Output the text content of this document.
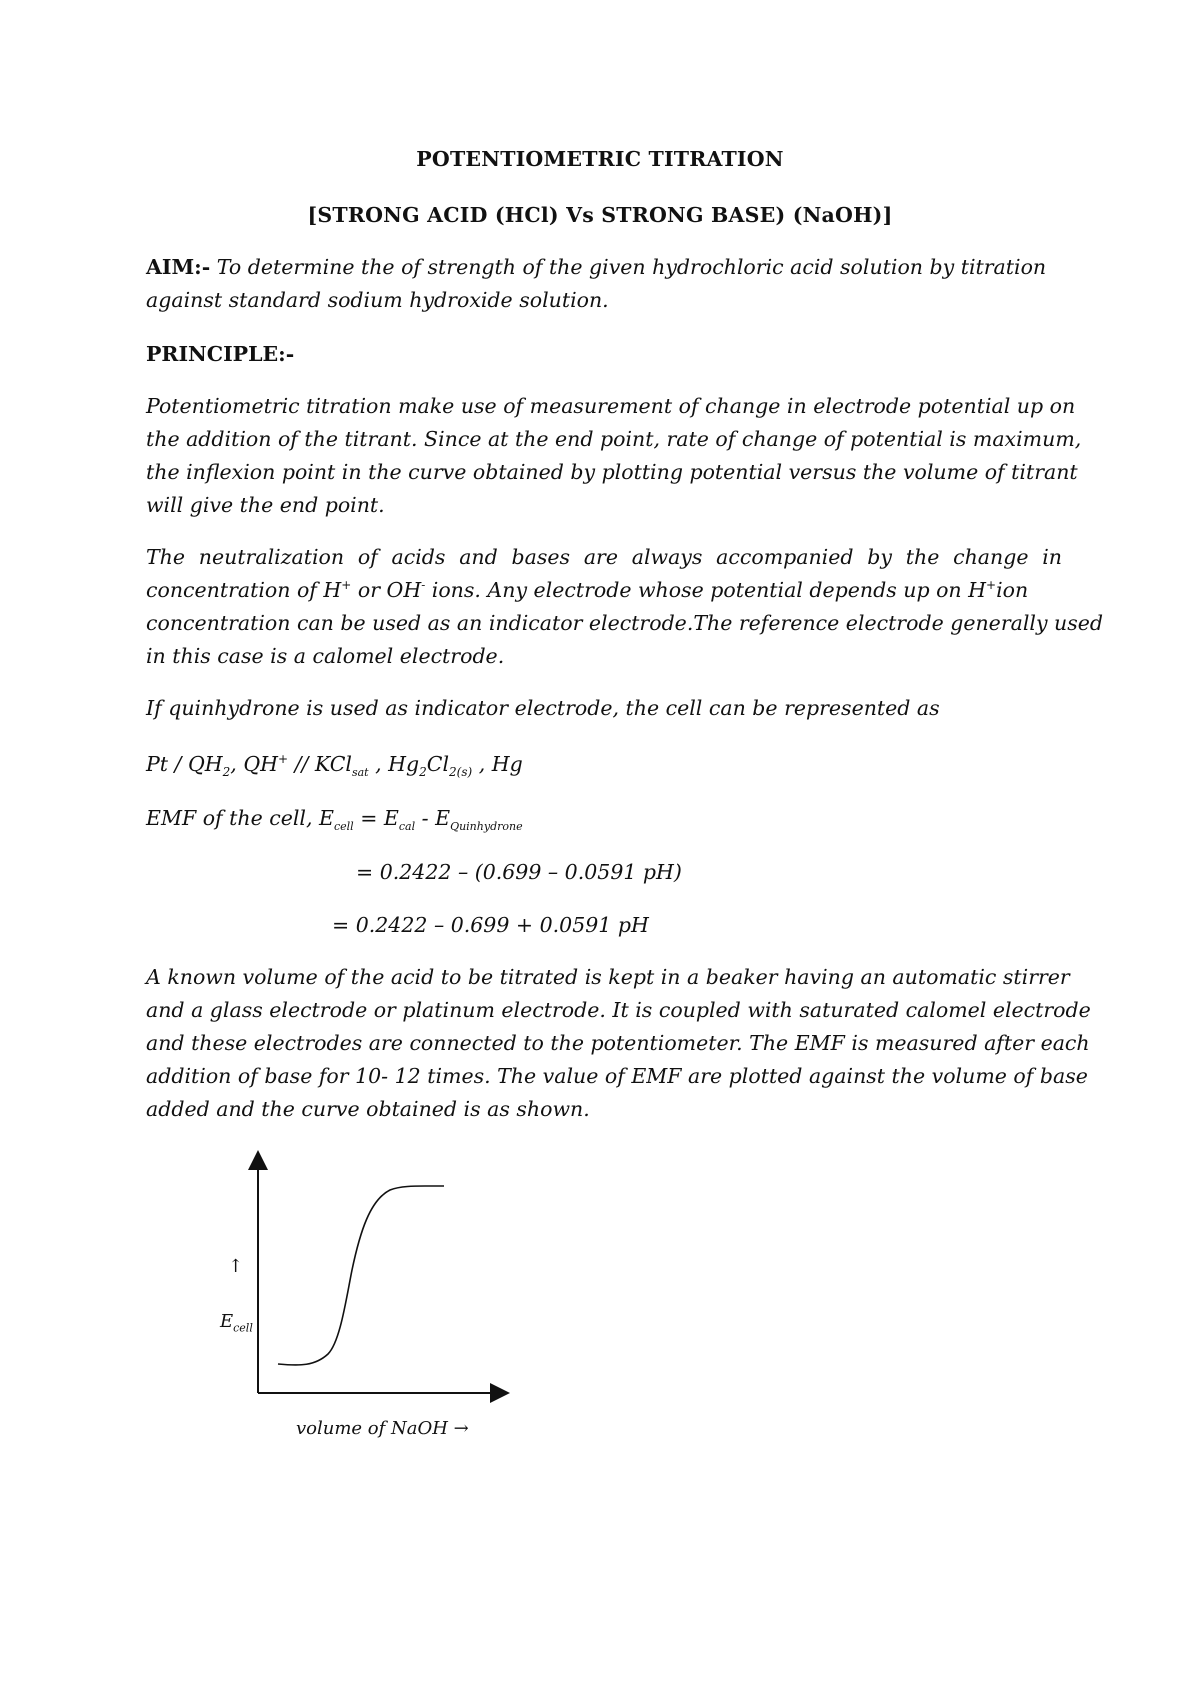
POTENTIOMETRIC TITRATION
[STRONG ACID (HCl) Vs STRONG BASE) (NaOH)]
AIM:- To determine the of strength of the given hydrochloric acid solution by titration
against standard sodium hydroxide solution.
PRINCIPLE:-
Potentiometric titration make use of measurement of change in electrode potential up on
the addition of the titrant. Since at the end point, rate of change of potential is maximum,
the inflexion point in the curve obtained by plotting potential versus the volume of titrant
will give the end point.
The neutralization of acids and bases are always accompanied by the change in
concentration of H+ or OH- ions. Any electrode whose potential depends up on H+ion
concentration can be used as an indicator electrode.The reference electrode generally used
in this case is a calomel electrode.
If quinhydrone is used as indicator electrode, the cell can be represented as
Pt / $QH_2$, QH+ // KCl$_{sat}$ , $Hg_2Cl_{2(s)}$ , Hg
EMF of the cell, $E_{cell} = E_{cal} - E_{Quinhydrone}$
= 0.2422 – (0.699 – 0.0591 pH)
= 0.2422 – 0.699 + 0.0591 pH
A known volume of the acid to be titrated is kept in a beaker having an automatic stirrer
and a glass electrode or platinum electrode. It is coupled with saturated calomel electrode
and these electrodes are connected to the potentiometer. The EMF is measured after each
addition of base for 10- 12 times. The value of EMF are plotted against the volume of base
added and the curve obtained is as shown.
↑
$E_{cell}$
volume of NaOH →
